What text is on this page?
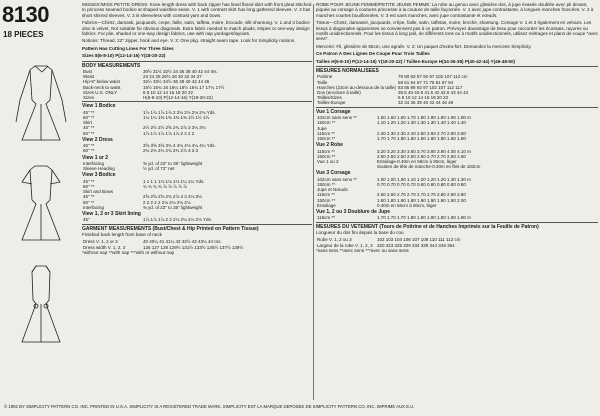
8130
18 PIECES

MISSES'/MISS PETITE DRESS: Knee length dress with back zipper has lined flared skirt with front pleat stitched to princess seamed bodice at shaped waistline seam. V. 1 with contrast skirt has long gathered sleeves. V. 2 has short shirred sleeves. V. 3 is sleeveless with contrast yarn and bows.

Fabrics—Chintz, damask, jacquards, crepe, faille, satin, taffeta, moire, brocade, silk shantung. V. 1 and 3 bodice also in velvet. Not suitable for obvious diagonals. Extra fabric needed to match plaids, stripes or one-way design fabrics. For pile, shaded or one-way design fabrics, use with nap yardages/layouts.

Notions: Thread, 22" zipper, hook and eye. V. 2: One pkg. straight seam tape. Look for Simplicity notions.

Pattern Has Cutting Lines For Three Sizes

Sizes 8(6-8-10) P(12-14-16) Y(18-20-22)

BODY MEASUREMENTS
Bust	30½ 31½ 32½ 34 36 38 40 42 44 Ins.
Waist	23 24 25 26½ 28 30 32 34 37
Hip-9" below waist	32½ 33½ 34½ 36 38 40 42 44 46
Back-neck to waist	15½ 15¾ 16 16¼ 16½ 16¾ 17 17¼ 17½
Sizes U.S. ONLY	6 8 10 12 14 16 18 20 22
Sizes	H(6-8-10) P(12-14-16) Y(18-20-22)
View 1 Bodice
45" **	1⅞ 1⅞ 1⅞ 1⅞ 2 2⅛ 2⅛ 2⅛ 2⅛ Yds.
60" **	1¼ 1¼ 1⅜ 1⅜ 1⅜ 1⅜ 1½ 1½ 1½
Skirt	
45" **	2½ 2½ 2½ 2⅝ 2¾ 2⅞ 3 3⅛ 3⅛
60" **	1⅞ 1⅞ 1⅞ 1⅞ 1⅞ 2 2 2 2
View 2 Dress
45" **	3⅝ 3⅝ 3⅝ 3¾ 4 4⅛ 4⅛ 4¼ 4¼ Yds.
60" **	2¾ 2¾ 2¾ 2¾ 2¾ 2⅞ 3 3 3
View 1 or 2
Interfacing	⅜ yd. of 22" to 36" lightweight
Sleeve Heading	½ yd. of 72" net
View 3 Bodice
45" **	1 1 1 1 1⅛ 1⅛ 1⅛ 1¼ 1¼ Yds.
60" **	¾ ¾ ¾ ¾ ⅞ ⅞ ⅞ ⅞ ⅞
Skirt and Bows	
45" **	2⅝ 2⅝ 2⅝ 2¾ 2⅞ 3 3 3⅛ 3⅛
60" **	2 2 2 2 2 2⅛ 2⅛ 2⅛ 2⅛
Interfacing	⅜ yd. of 22" to 36" lightweight
View 1, 2 or 3 Skirt lining
45"	1⅞ 1⅞ 1⅞ 2 2 2⅛ 2⅛ 2⅛ 2⅛ Yds.
GARMENT MEASUREMENTS (Bust/Chest & Hip Printed on Pattern Tissue)

Finished back length from base of neck

Dress V. 1, 2 or 3	40 40¼ 41 41¼ 42 42½ 43 43¼ 44 Ins.
Dress width V. 1, 2, 3	126 127 128 129½ 131½ 133½ 135½ 137½ 139½

*without nap **with nap ***with or without nap

ROBE POUR JEUNE FEMME/PETITE JEUNE FEMME: La robe au genou avec glissière dos, à jupe évasée doublée avec pli devant, piquée au corsage à coutures princesse à la couture de taille façonnée. V. 1 avec jupe contrastante, à longues manches froncées. V. 2 à manches courtes bouillonnées. V. 3 est sans manches, avec jupe contrastante et nœuds.

Tissus—Chintz, damassé, jacquards, crêpe, faille, satin, taffetas, moire, broché, shantung. Corsage V. 1 et 3 également en velours. Les tissus à diagonales apparentes ne conviennent pas à ce patron. Prévoyez davantage de tissu pour raccorder les écossais, rayures ou motifs unidirectionnels. Pour les tissus à long poil, de différents tons ou à motifs unidirectionnels, utilisez métrages et plans de coupe "avec sens".

Mercerie: Fil, glissière de 55cm, une agrafe. V. 2: Un paquet d'extra-fort. Demandez la mercerie Simplicity.

Ce Patron A Des Lignes De Coupe Pour Trois Tailles

Tailles H(6-8-10) P(12-14-16) Y(18-20-22) / Tailles-Europe H(34-36-38) P(40-42-44) Y(46-48-50)

MESURES NORMALISEES
Poitrine	78 80 83 87 92 97 102 107 112 cm
Taille	58 61 64 67 71 76 81 87 94
Hanches (23cm au-dessous de la taille)	83 85 88 92 97 102 107 112 117
Dos (encolure à taille)	39.5 40 40.5 41.5 42 42.5 43 44 44
Tailles/Sizes	6 8 10 12 14 16 18 20 22
Tailles-Europe	32 34 36 38 40 42 44 46 48
Vue 1 Corsage
102cm sans sens **	1.50 1.60 1.60 1.70 1.80 1.90 1.90 1.90 1.90 m
150cm **	1.10 1.20 1.20 1.30 1.30 1.30 1.40 1.40 1.40
Jupe	
115cm **	2.30 2.30 2.30 2.40 2.50 2.60 2.70 2.80 2.80
150cm **	1.70 1.70 1.80 1.80 1.80 1.80 1.80 1.80 1.80
Vue 2 Robe
115cm **	3.20 3.20 3.30 3.60 3.70 3.80 3.90 4.00 4.10 m
150cm **	2.50 2.50 2.50 2.60 2.60 2.70 2.70 2.80 2.80
Vue 1 ou 2	Entoilage-0.40m en 56cm à 90cm, léger
	Soutien de tête de manche-0.40m en filet de 183cm
Vue 3 Corsage
102cm sans sens **	1.00 1.00 1.00 1.10 1.20 1.20 1.20 1.30 1.30 m
150cm **	0.70 0.70 0.70 0.70 0.80 0.80 0.80 0.80 0.80
Jupe et Nœuds	
115cm **	2.60 2.60 2.70 2.70 2.70 2.70 2.80 2.80 2.80
150cm **	1.80 1.80 1.80 1.90 1.90 1.90 1.90 1.90 2.00
Entoilage	0.40m en 56cm à 90cm, léger
Vue 1, 2 ou 3 Doublure de Jupe
115cm **	1.70 1.70 1.70 1.80 1.80 1.90 1.90 1.90 1.90 m
MESURES DU VETEMENT (Tours de Poitrine et de Hanches Imprimés sur la Feuille de Patron)

Longueur du dos fini depuis la base du cou

Robe V. 1, 2 ou 3	102 103 104 106 107 108 110 111 112 cm
Largeur de la robe V. 1, 2, 3	320 323 325 329 334 339 344 349 354

*sans sens **avec sens ***avec ou sans sens

© 1992 BY SIMPLICITY PATTERN CO. INC. PRINTED IN U.S.A. SIMPLICITY IS A REGISTERED TRADE MARK. SIMPLICITY EST LA MARQUE DEPOSEE DE SIMPLICITY PATTERN CO. INC. IMPRIME AUX E.U.
